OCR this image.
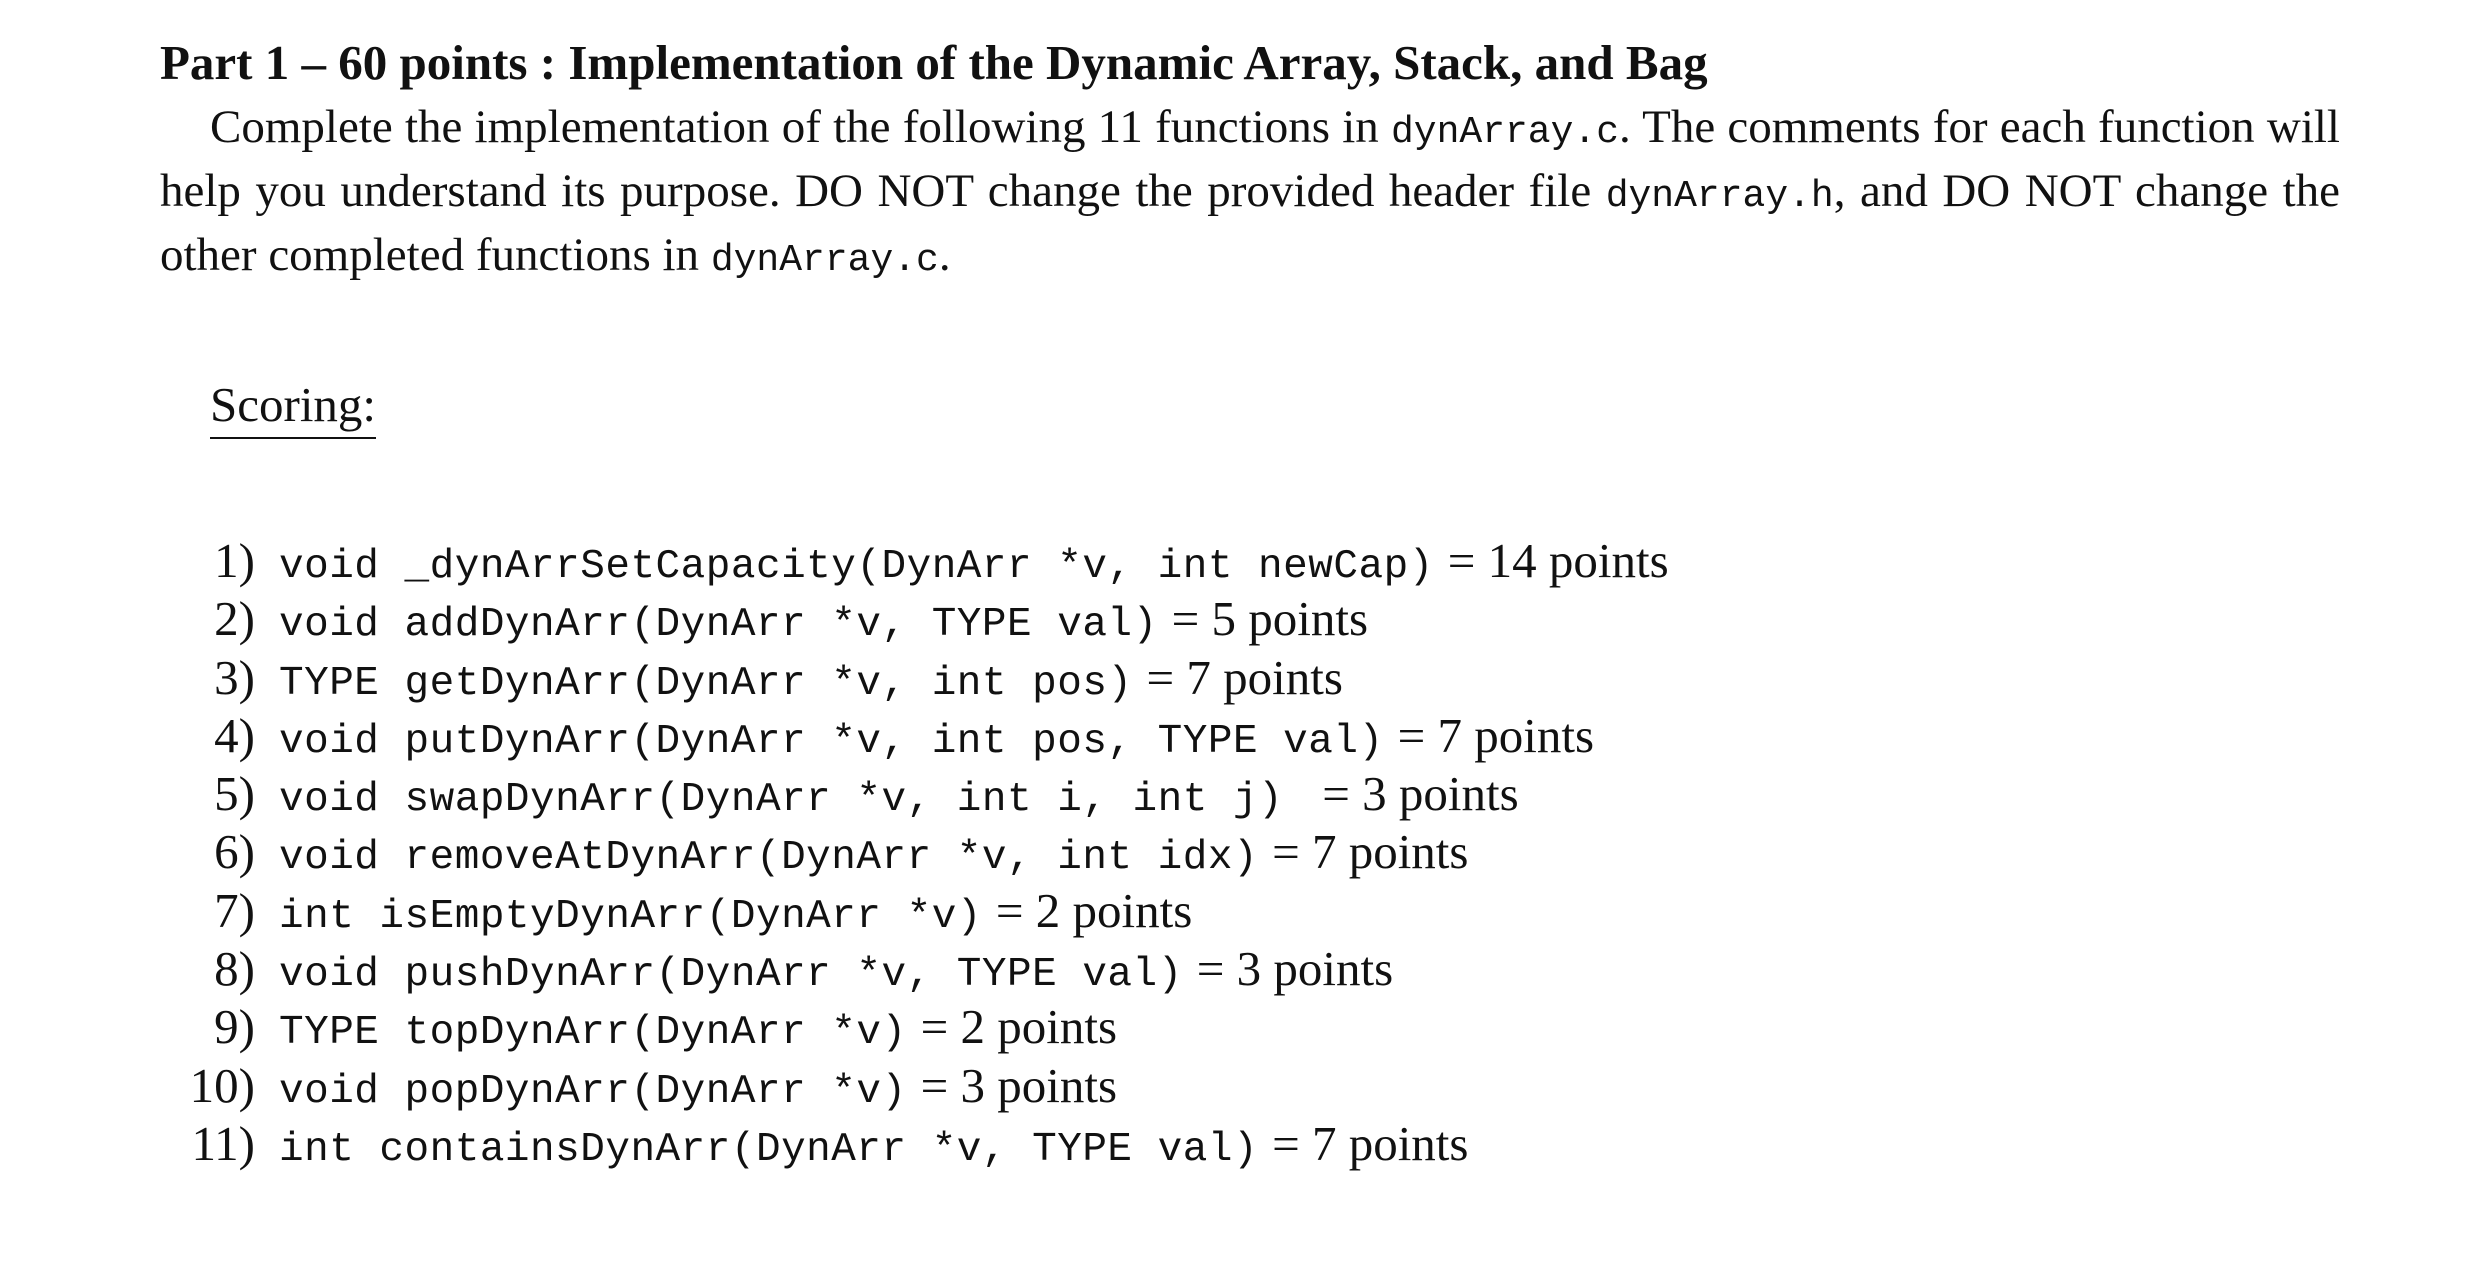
Part 1 – 60 points : Implementation of the Dynamic Array, Stack, and Bag

Complete the implementation of the following 11 functions in dynArray.c. The comments for each function will help you understand its purpose. DO NOT change the provided header file dynArray.h, and DO NOT change the other completed functions in dynArray.c.

Scoring:
1) void _dynArrSetCapacity(DynArr *v, int newCap) = 14 points
2) void addDynArr(DynArr *v, TYPE val) = 5 points
3) TYPE getDynArr(DynArr *v, int pos) = 7 points
4) void putDynArr(DynArr *v, int pos, TYPE val) = 7 points
5) void swapDynArr(DynArr *v, int i, int j) = 3 points
6) void removeAtDynArr(DynArr *v, int idx) = 7 points
7) int isEmptyDynArr(DynArr *v) = 2 points
8) void pushDynArr(DynArr *v, TYPE val) = 3 points
9) TYPE topDynArr(DynArr *v) = 2 points
10) void popDynArr(DynArr *v) = 3 points
11) int containsDynArr(DynArr *v, TYPE val) = 7 points
